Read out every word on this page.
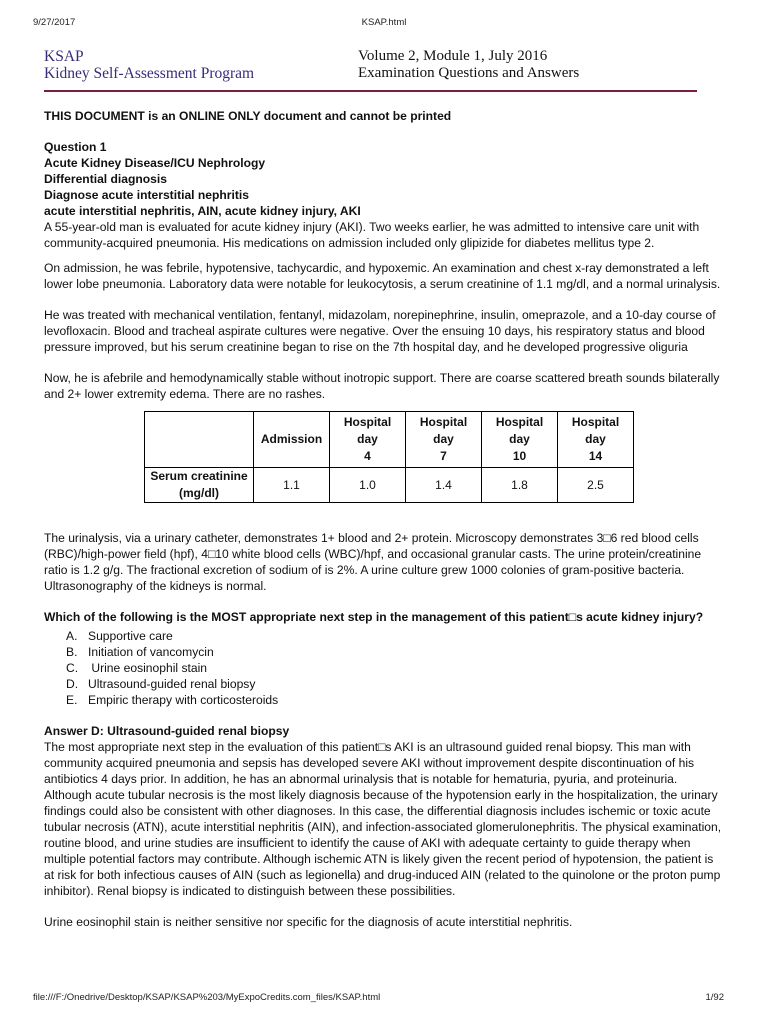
9/27/2017	KSAP.html
KSAP
Kidney Self-Assessment Program
Volume 2, Module 1, July 2016
Examination Questions and Answers

THIS DOCUMENT is an ONLINE ONLY document and cannot be printed

Question 1

Acute Kidney Disease/ICU Nephrology

Differential diagnosis

Diagnose acute interstitial nephritis

acute interstitial nephritis, AIN, acute kidney injury, AKI

A 55-year-old man is evaluated for acute kidney injury (AKI). Two weeks earlier, he was admitted to intensive care unit with community-acquired pneumonia. His medications on admission included only glipizide for diabetes mellitus type 2.

On admission, he was febrile, hypotensive, tachycardic, and hypoxemic. An examination and chest x-ray demonstrated a left lower lobe pneumonia. Laboratory data were notable for leukocytosis, a serum creatinine of 1.1 mg/dl, and a normal urinalysis.

He was treated with mechanical ventilation, fentanyl, midazolam, norepinephrine, insulin, omeprazole, and a 10-day course of levofloxacin. Blood and tracheal aspirate cultures were negative. Over the ensuing 10 days, his respiratory status and blood pressure improved, but his serum creatinine began to rise on the 7th hospital day, and he developed progressive oliguria

Now, he is afebrile and hemodynamically stable without inotropic support. There are coarse scattered breath sounds bilaterally and 2+ lower extremity edema. There are no rashes.

	Admission	Hospital
day
4	Hospital
day
7	Hospital
day
10	Hospital
day
14
Serum creatinine
(mg/dl)	1.1	1.0	1.4	1.8	2.5

The urinalysis, via a urinary catheter, demonstrates 1+ blood and 2+ protein. Microscopy demonstrates 3□6 red blood cells (RBC)/high-power field (hpf), 4□10 white blood cells (WBC)/hpf, and occasional granular casts. The urine protein/creatinine ratio is 1.2 g/g. The fractional excretion of sodium of is 2%. A urine culture grew 1000 colonies of gram-positive bacteria. Ultrasonography of the kidneys is normal.

Which of the following is the MOST appropriate next step in the management of this patient□s acute kidney injury?

A. Supportive care
B. Initiation of vancomycin
C. Urine eosinophil stain
D. Ultrasound-guided renal biopsy
E. Empiric therapy with corticosteroids

Answer D: Ultrasound-guided renal biopsy

The most appropriate next step in the evaluation of this patient□s AKI is an ultrasound guided renal biopsy. This man with community acquired pneumonia and sepsis has developed severe AKI without improvement despite discontinuation of his antibiotics 4 days prior. In addition, he has an abnormal urinalysis that is notable for hematuria, pyuria, and proteinuria. Although acute tubular necrosis is the most likely diagnosis because of the hypotension early in the hospitalization, the urinary findings could also be consistent with other diagnoses. In this case, the differential diagnosis includes ischemic or toxic acute tubular necrosis (ATN), acute interstitial nephritis (AIN), and infection-associated glomerulonephritis. The physical examination, routine blood, and urine studies are insufficient to identify the cause of AKI with adequate certainty to guide therapy when multiple potential factors may contribute. Although ischemic ATN is likely given the recent period of hypotension, the patient is at risk for both infectious causes of AIN (such as legionella) and drug-induced AIN (related to the quinolone or the proton pump inhibitor). Renal biopsy is indicated to distinguish between these possibilities.

Urine eosinophil stain is neither sensitive nor specific for the diagnosis of acute interstitial nephritis.

file:///F:/Onedrive/Desktop/KSAP/KSAP%203/MyExpoCredits.com_files/KSAP.html	1/92
